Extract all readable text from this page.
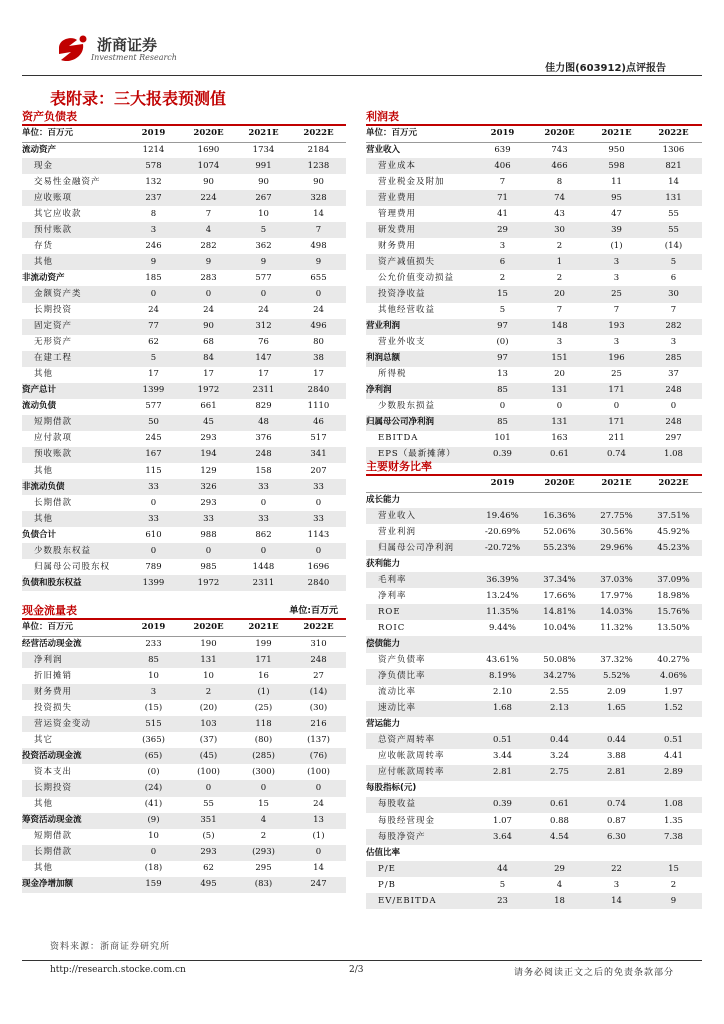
浙商证券
Investment Research
佳力图(603912)点评报告
表附录：三大报表预测值
资产负债表
单位：百万元	2019	2020E	2021E	2022E
流动资产	1214	1690	1734	2184
现金	578	1074	991	1238
交易性金融资产	132	90	90	90
应收账项	237	224	267	328
其它应收款	8	7	10	14
预付账款	3	4	5	7
存货	246	282	362	498
其他	9	9	9	9
非流动资产	185	283	577	655
金额资产类	0	0	0	0
长期投资	24	24	24	24
固定资产	77	90	312	496
无形资产	62	68	76	80
在建工程	5	84	147	38
其他	17	17	17	17
资产总计	1399	1972	2311	2840
流动负债	577	661	829	1110
短期借款	50	45	48	46
应付款项	245	293	376	517
预收账款	167	194	248	341
其他	115	129	158	207
非流动负债	33	326	33	33
长期借款	0	293	0	0
其他	33	33	33	33
负债合计	610	988	862	1143
少数股东权益	0	0	0	0
归属母公司股东权	789	985	1448	1696
负债和股东权益	1399	1972	2311	2840
现金流量表	单位:百万元
单位：百万元	2019	2020E	2021E	2022E
经营活动现金流	233	190	199	310
净利润	85	131	171	248
折旧摊销	10	10	16	27
财务费用	3	2	(1)	(14)
投资损失	(15)	(20)	(25)	(30)
营运资金变动	515	103	118	216
其它	(365)	(37)	(80)	(137)
投资活动现金流	(65)	(45)	(285)	(76)
资本支出	(0)	(100)	(300)	(100)
长期投资	(24)	0	0	0
其他	(41)	55	15	24
筹资活动现金流	(9)	351	4	13
短期借款	10	(5)	2	(1)
长期借款	0	293	(293)	0
其他	(18)	62	295	14
现金净增加额	159	495	(83)	247
利润表
单位：百万元	2019	2020E	2021E	2022E
营业收入	639	743	950	1306
营业成本	406	466	598	821
营业税金及附加	7	8	11	14
营业费用	71	74	95	131
管理费用	41	43	47	55
研发费用	29	30	39	55
财务费用	3	2	(1)	(14)
资产减值损失	6	1	3	5
公允价值变动损益	2	2	3	6
投资净收益	15	20	25	30
其他经营收益	5	7	7	7
营业利润	97	148	193	282
营业外收支	(0)	3	3	3
利润总额	97	151	196	285
所得税	13	20	25	37
净利润	85	131	171	248
少数股东损益	0	0	0	0
归属母公司净利润	85	131	171	248
EBITDA	101	163	211	297
EPS（最新摊薄）	0.39	0.61	0.74	1.08
主要财务比率
	2019	2020E	2021E	2022E
成长能力				
营业收入	19.46%	16.36%	27.75%	37.51%
营业利润	-20.69%	52.06%	30.56%	45.92%
归属母公司净利润	-20.72%	55.23%	29.96%	45.23%
获利能力				
毛利率	36.39%	37.34%	37.03%	37.09%
净利率	13.24%	17.66%	17.97%	18.98%
ROE	11.35%	14.81%	14.03%	15.76%
ROIC	9.44%	10.04%	11.32%	13.50%
偿债能力				
资产负债率	43.61%	50.08%	37.32%	40.27%
净负债比率	8.19%	34.27%	5.52%	4.06%
流动比率	2.10	2.55	2.09	1.97
速动比率	1.68	2.13	1.65	1.52
营运能力				
总资产周转率	0.51	0.44	0.44	0.51
应收帐款周转率	3.44	3.24	3.88	4.41
应付帐款周转率	2.81	2.75	2.81	2.89
每股指标(元)				
每股收益	0.39	0.61	0.74	1.08
每股经营现金	1.07	0.88	0.87	1.35
每股净资产	3.64	4.54	6.30	7.38
估值比率				
P/E	44	29	22	15
P/B	5	4	3	2
EV/EBITDA	23	18	14	9
资料来源：浙商证券研究所
http://research.stocke.com.cn	2/3	请务必阅读正文之后的免责条款部分
